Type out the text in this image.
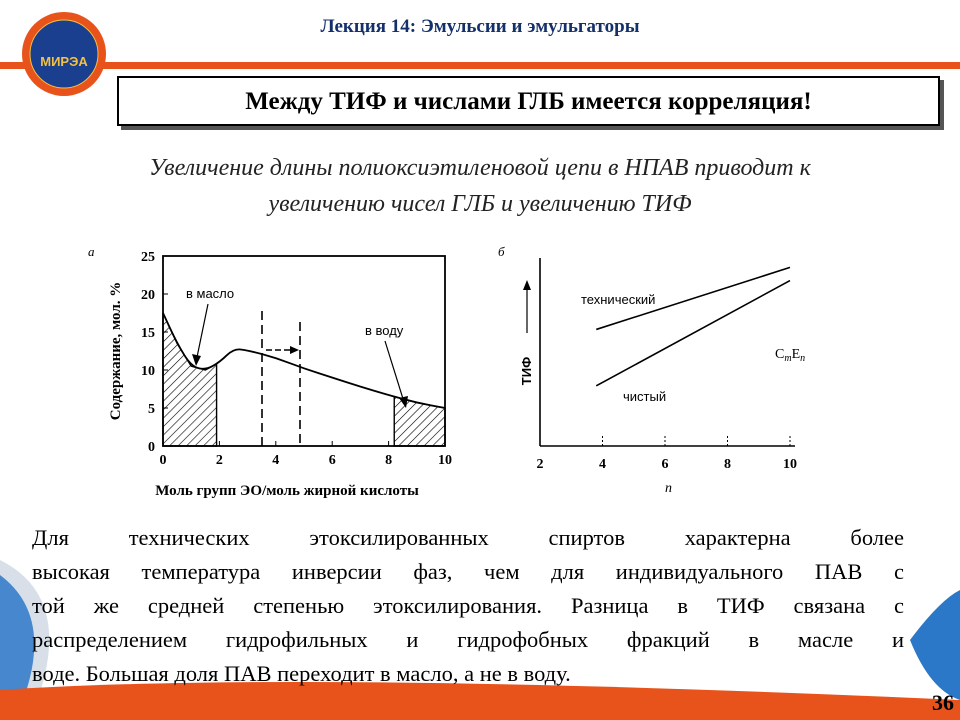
МИРЭА
Лекция 14: Эмульсии и эмульгаторы
Между ТИФ и числами ГЛБ имеется корреляция!
Увеличение длины полиоксиэтиленовой цепи в НПАВ приводит к
увеличению чисел ГЛБ и увеличению ТИФ
а
0	2	4	6	8	10
0
5
10
15
20
25
в масло
в воду
Содержание, мол. %
Моль групп ЭО/моль жирной кислоты
б
ТИФ
2	4	6	8	10
технический
чистый
$C_mE_n$
n
Для технических этоксилированных спиртов характерна более
высокая температура инверсии фаз, чем для индивидуального ПАВ с
той же средней степенью этоксилирования. Разница в ТИФ связана с
распределением гидрофильных и гидрофобных фракций в масле и
воде. Большая доля ПАВ переходит в масло, а не в воду.
36
